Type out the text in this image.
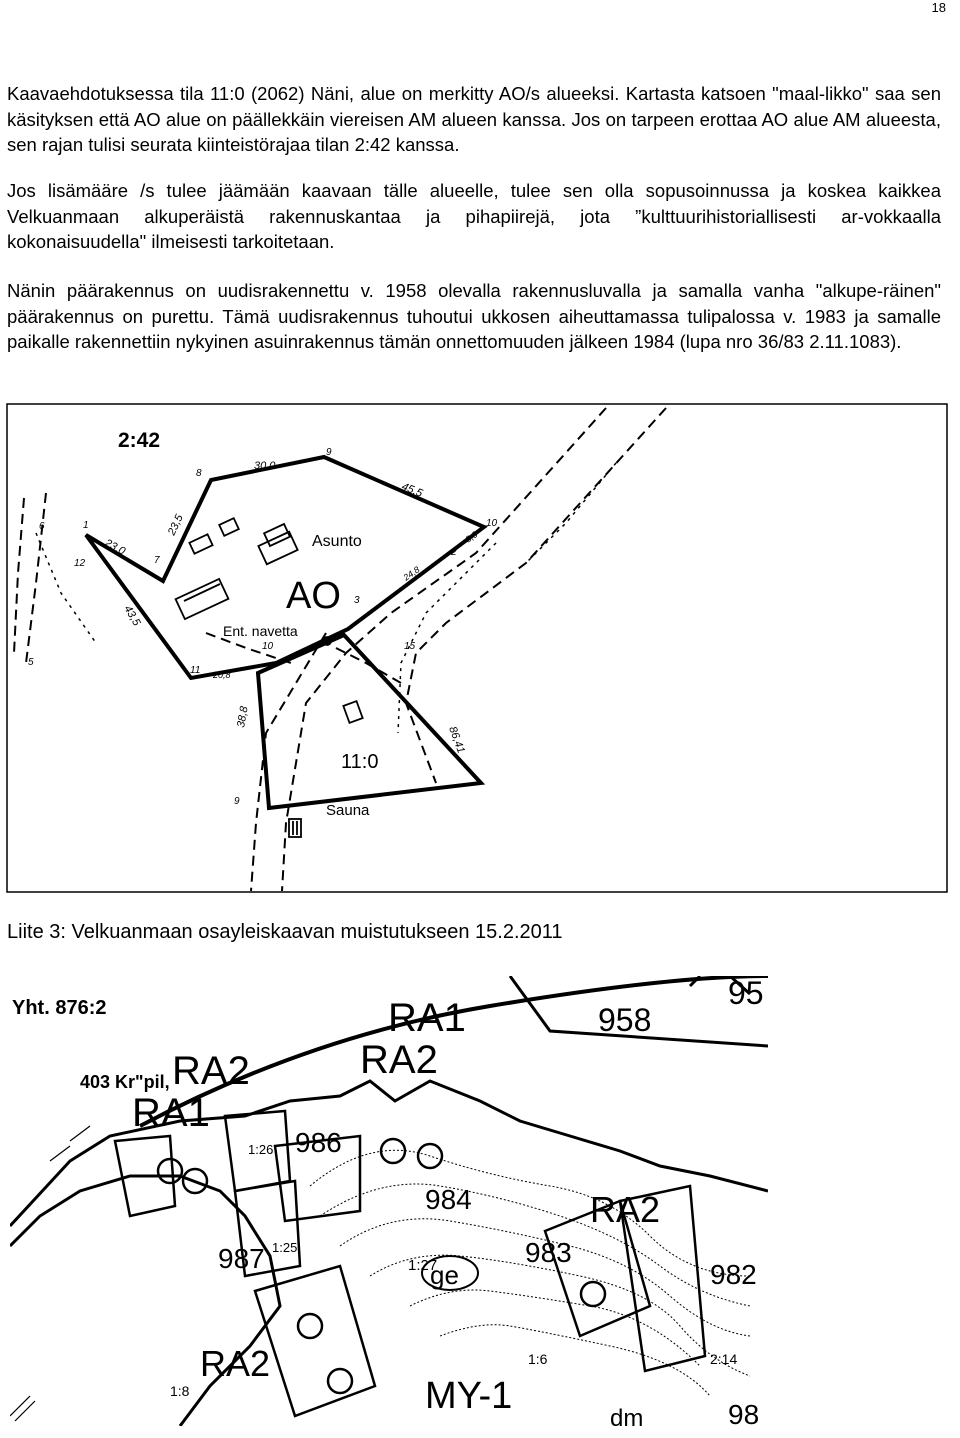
18

Kaavaehdotuksessa tila 11:0 (2062) Näni, alue on merkitty AO/s alueeksi. Kartasta katsoen "maal-likko" saa sen käsityksen että AO alue on päällekkäin viereisen AM alueen kanssa. Jos on tarpeen erottaa AO alue AM alueesta, sen rajan tulisi seurata kiinteistörajaa tilan 2:42 kanssa.

Jos lisämääre /s tulee jäämään kaavaan tälle alueelle, tulee sen olla sopusoinnussa ja koskea kaikkea Velkuanmaan alkuperäistä rakennuskantaa ja pihapiirejä, jota ”kulttuurihistoriallisesti ar-vokkaalla kokonaisuudella" ilmeisesti tarkoitetaan.

Nänin päärakennus on uudisrakennettu v. 1958 olevalla rakennusluvalla ja samalla vanha "alkupe-räinen" päärakennus on purettu. Tämä uudisrakennus tuhoutui ukkosen aiheuttamassa tulipalossa v. 1983 ja samalle paikalle rakennettiin nykyinen asuinrakennus tämän onnettomuuden jälkeen 1984 (lupa nro 36/83 2.11.1083).

2:42
Asunto
AO
Ent. navetta
11:0
Sauna
30,0
45,5
23,5
23,0
43,5
20,8
38,8
86,41
24,8
8,6
9
8
10
1
6
7
12
2
3
11
10
5
15
9

Liite 3: Velkuanmaan osayleiskaavan muistutukseen 15.2.2011

Yht. 876:2
403 Kr"pil,
RA1
RA2
RA2
RA1
958
95
986
984	RA2
987	983
982
ge
RA2
MY-1	98
1:26
1:25
1:27
1:8
1:6	2:14
dm
